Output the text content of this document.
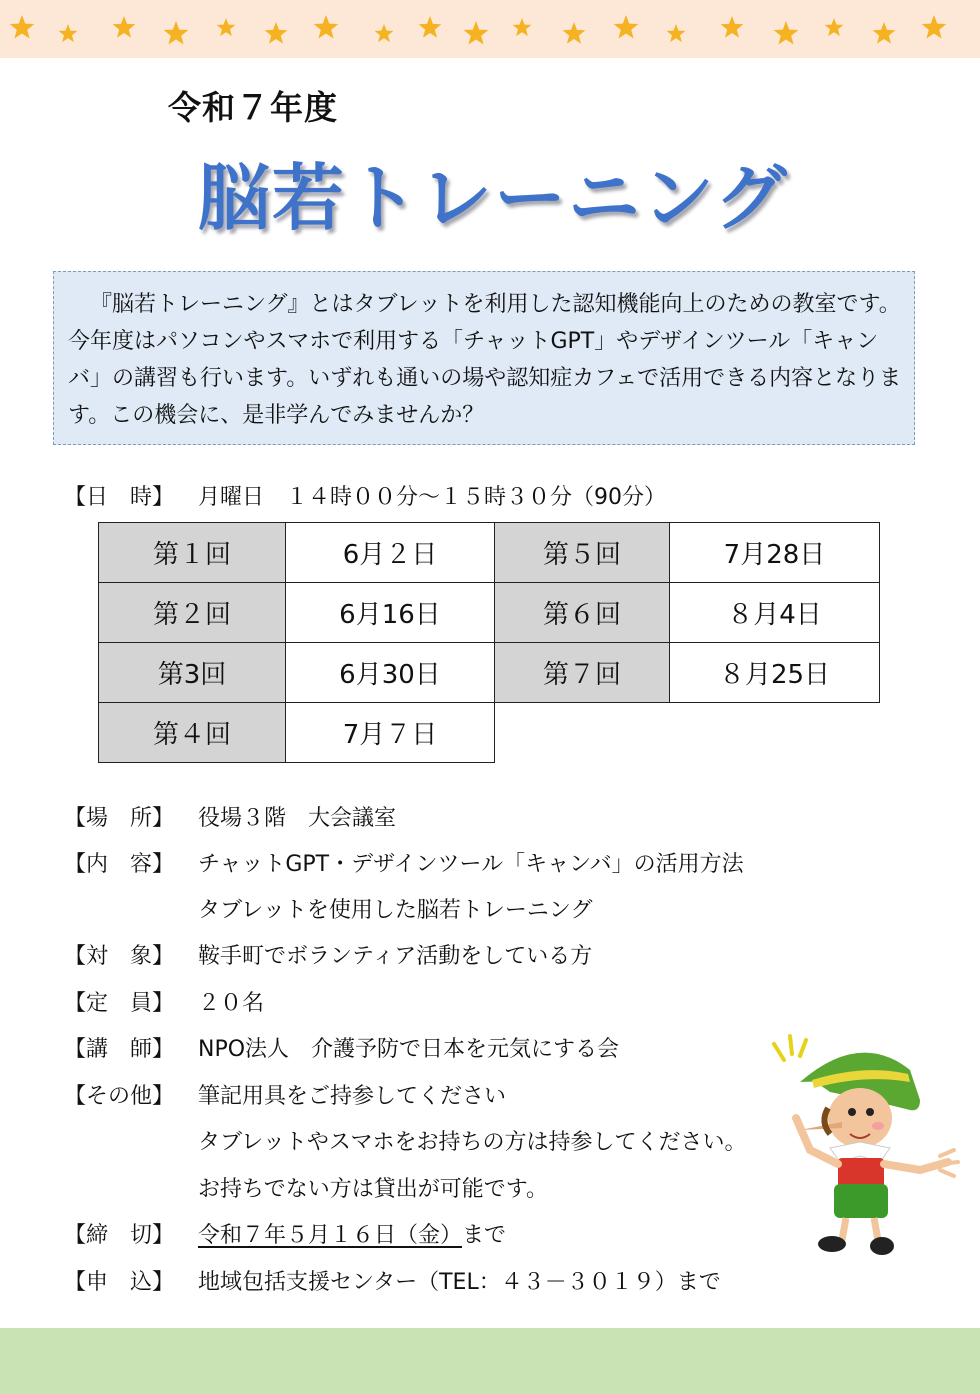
令和７年度
脳若トレーニング

『脳若トレーニング』とはタブレットを利用した認知機能向上のための教室です。今年度はパソコンやスマホで利用する「チャットGPT」やデザインツール「キャンバ」の講習も行います。いずれも通いの場や認知症カフェで活用できる内容となります。この機会に、是非学んでみませんか？

【日　時】 月曜日　１４時００分～１５時３０分（90分）
第１回	6月２日	第５回	7月28日
第２回	6月16日	第６回	８月4日
第3回	6月30日	第７回	８月25日
第４回	7月７日		
【場　所】 役場３階　大会議室
【内　容】 チャットGPT・デザインツール「キャンバ」の活用方法
タブレットを使用した脳若トレーニング
【対　象】 鞍手町でボランティア活動をしている方
【定　員】 ２０名
【講　師】 NPO法人　介護予防で日本を元気にする会
【その他】 筆記用具をご持参してください
タブレットやスマホをお持ちの方は持参してください。
お持ちでない方は貸出が可能です。
【締　切】 令和７年５月１６日（金）まで
【申　込】 地域包括支援センター（TEL：４３－３０１９）まで
